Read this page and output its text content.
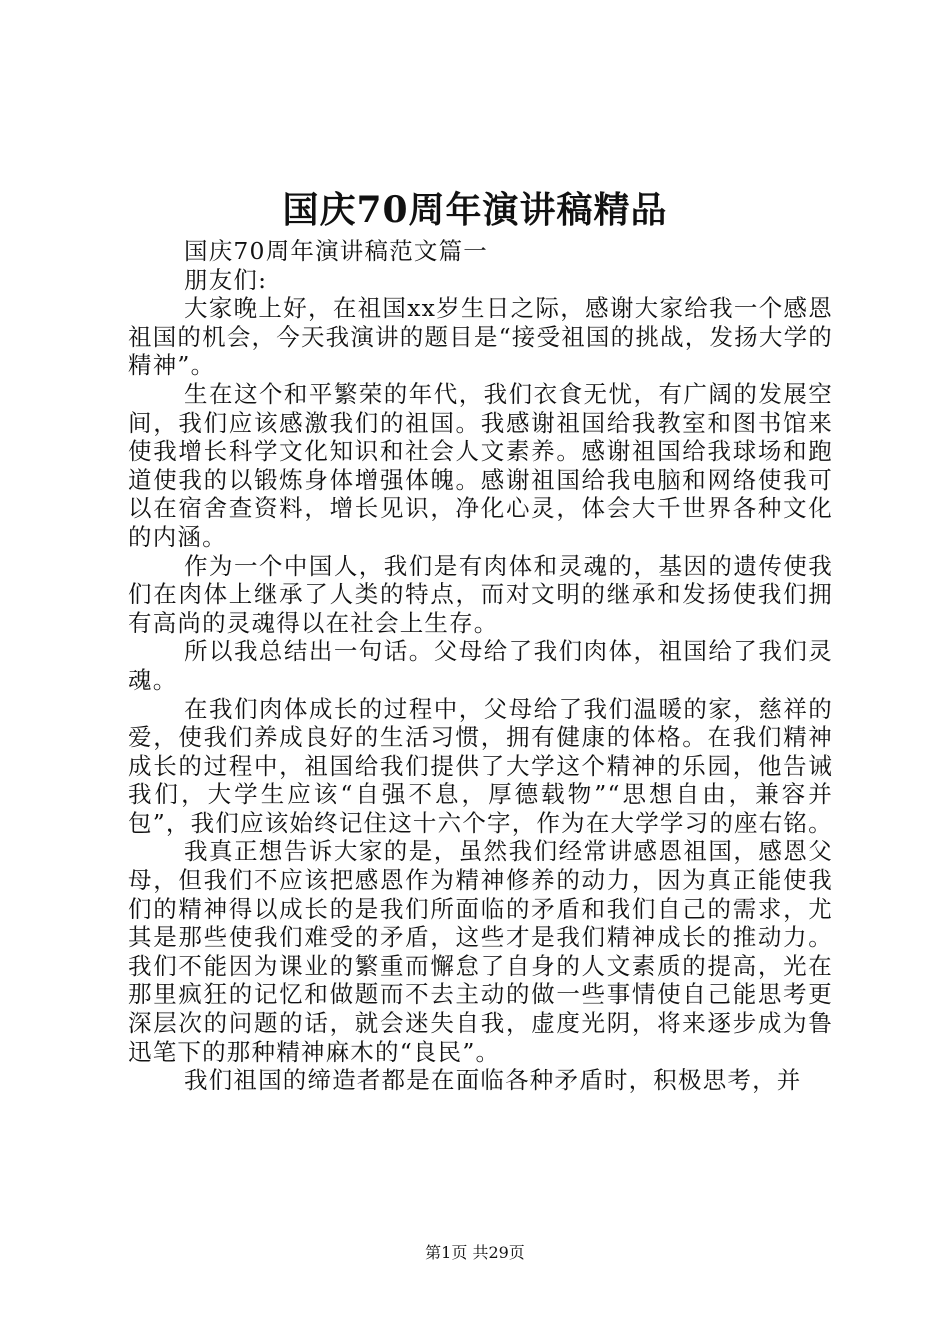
国庆70周年演讲稿精品

国庆70周年演讲稿范文篇一

朋友们:

大家晚上好，在祖国xx岁生日之际，感谢大家给我一个感恩祖国的机会，今天我演讲的题目是“接受祖国的挑战，发扬大学的精神”。

生在这个和平繁荣的年代，我们衣食无忧，有广阔的发展空间，我们应该感激我们的祖国。我感谢祖国给我教室和图书馆来使我增长科学文化知识和社会人文素养。感谢祖国给我球场和跑道使我的以锻炼身体增强体魄。感谢祖国给我电脑和网络使我可以在宿舍查资料，增长见识，净化心灵，体会大千世界各种文化的内涵。

作为一个中国人，我们是有肉体和灵魂的，基因的遗传使我们在肉体上继承了人类的特点，而对文明的继承和发扬使我们拥有高尚的灵魂得以在社会上生存。

所以我总结出一句话。父母给了我们肉体，祖国给了我们灵魂。

在我们肉体成长的过程中，父母给了我们温暖的家，慈祥的爱，使我们养成良好的生活习惯，拥有健康的体格。在我们精神成长的过程中，祖国给我们提供了大学这个精神的乐园，他告诫我们，大学生应该“自强不息，厚德载物”“思想自由，兼容并包”，我们应该始终记住这十六个字，作为在大学学习的座右铭。

我真正想告诉大家的是，虽然我们经常讲感恩祖国，感恩父母，但我们不应该把感恩作为精神修养的动力，因为真正能使我们的精神得以成长的是我们所面临的矛盾和我们自己的需求，尤其是那些使我们难受的矛盾，这些才是我们精神成长的推动力。我们不能因为课业的繁重而懈怠了自身的人文素质的提高，光在那里疯狂的记忆和做题而不去主动的做一些事情使自己能思考更深层次的问题的话，就会迷失自我，虚度光阴，将来逐步成为鲁迅笔下的那种精神麻木的“良民”。

我们祖国的缔造者都是在面临各种矛盾时，积极思考，并

第1页 共29页
